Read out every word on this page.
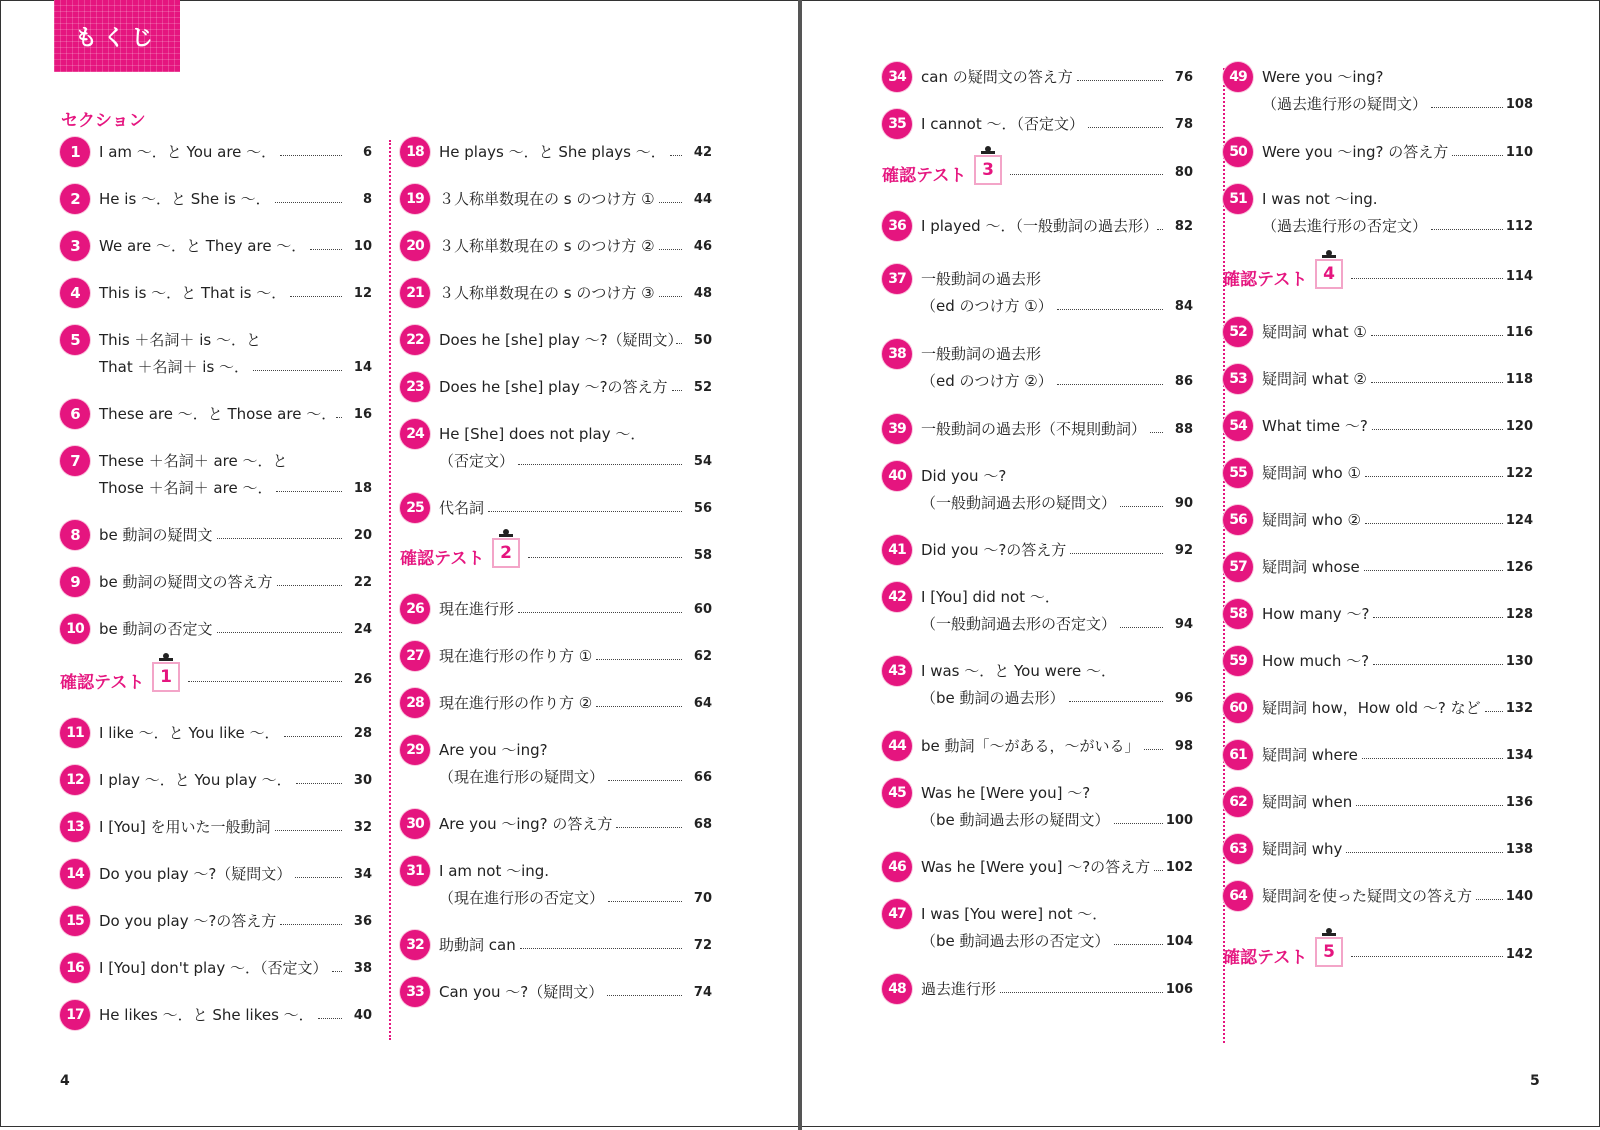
もくじ
セクション
1	I am ～．と You are ～．	6
2	He is ～．と She is ～．	8
3	We are ～．と They are ～．	10
4	This is ～．と That is ～．	12
5	This ＋名詞＋ is ～．と
That ＋名詞＋ is ～．	14
6	These are ～．と Those are ～．	16
7	These ＋名詞＋ are ～．と
Those ＋名詞＋ are ～．	18
8	be 動詞の疑問文	20
9	be 動詞の疑問文の答え方	22
10	be 動詞の否定文	24
11	I like ～．と You like ～．	28
12	I play ～．と You play ～．	30
13	I [You] を用いた一般動詞	32
14	Do you play ～?（疑問文）	34
15	Do you play ～?の答え方	36
16	I [You] don't play ～．（否定文）	38
17	He likes ～．と She likes ～．	40
18	He plays ～．と She plays ～．	42
19	３人称単数現在の s のつけ方 ①	44
20	３人称単数現在の s のつけ方 ②	46
21	３人称単数現在の s のつけ方 ③	48
22	Does he [she] play ～?（疑問文） 50
23	Does he [she] play ～?の答え方	52
24	He [She] does not play ～．
（否定文）	54
25	代名詞	56
26	現在進行形	60
27	現在進行形の作り方 ①	62
28	現在進行形の作り方 ②	64
29	Are you ～ing?
（現在進行形の疑問文）	66
30	Are you ～ing? の答え方	68
31	I am not ～ing.
（現在進行形の否定文）	70
32	助動詞 can	72
33	Can you ～?（疑問文）	74
34	can の疑問文の答え方	76
35	I cannot ～．（否定文）	78
36	I played ～．（一般動詞の過去形）	82
37	一般動詞の過去形
（ed のつけ方 ①）	84
38	一般動詞の過去形
（ed のつけ方 ②）	86
39	一般動詞の過去形（不規則動詞）	88
40	Did you ～?
（一般動詞過去形の疑問文）	90
41	Did you ～?の答え方	92
42	I [You] did not ～．
（一般動詞過去形の否定文）	94
43	I was ～．と You were ～．
（be 動詞の過去形）	96
44	be 動詞「～がある，～がいる」	98
45	Was he [Were you] ～?
（be 動詞過去形の疑問文）	100
46	Was he [Were you] ～?の答え方	102
47	I was [You were] not ～．
（be 動詞過去形の否定文）	104
48	過去進行形	106
49	Were you ～ing?
（過去進行形の疑問文）	108
50	Were you ～ing? の答え方	110
51	I was not ～ing.
（過去進行形の否定文）	112
52	疑問詞 what ①	116
53	疑問詞 what ②	118
54	What time ～?	120
55	疑問詞 who ①	122
56	疑問詞 who ②	124
57	疑問詞 whose	126
58	How many ～?	128
59	How much ～?	130
60	疑問詞 how，How old ～? など	132
61	疑問詞 where	134
62	疑問詞 when	136
63	疑問詞 why	138
64	疑問詞を使った疑問文の答え方	140
確認テスト 1	26
確認テスト 2	58
確認テスト 3	80
確認テスト 4	114
確認テスト 5	142
4	5
